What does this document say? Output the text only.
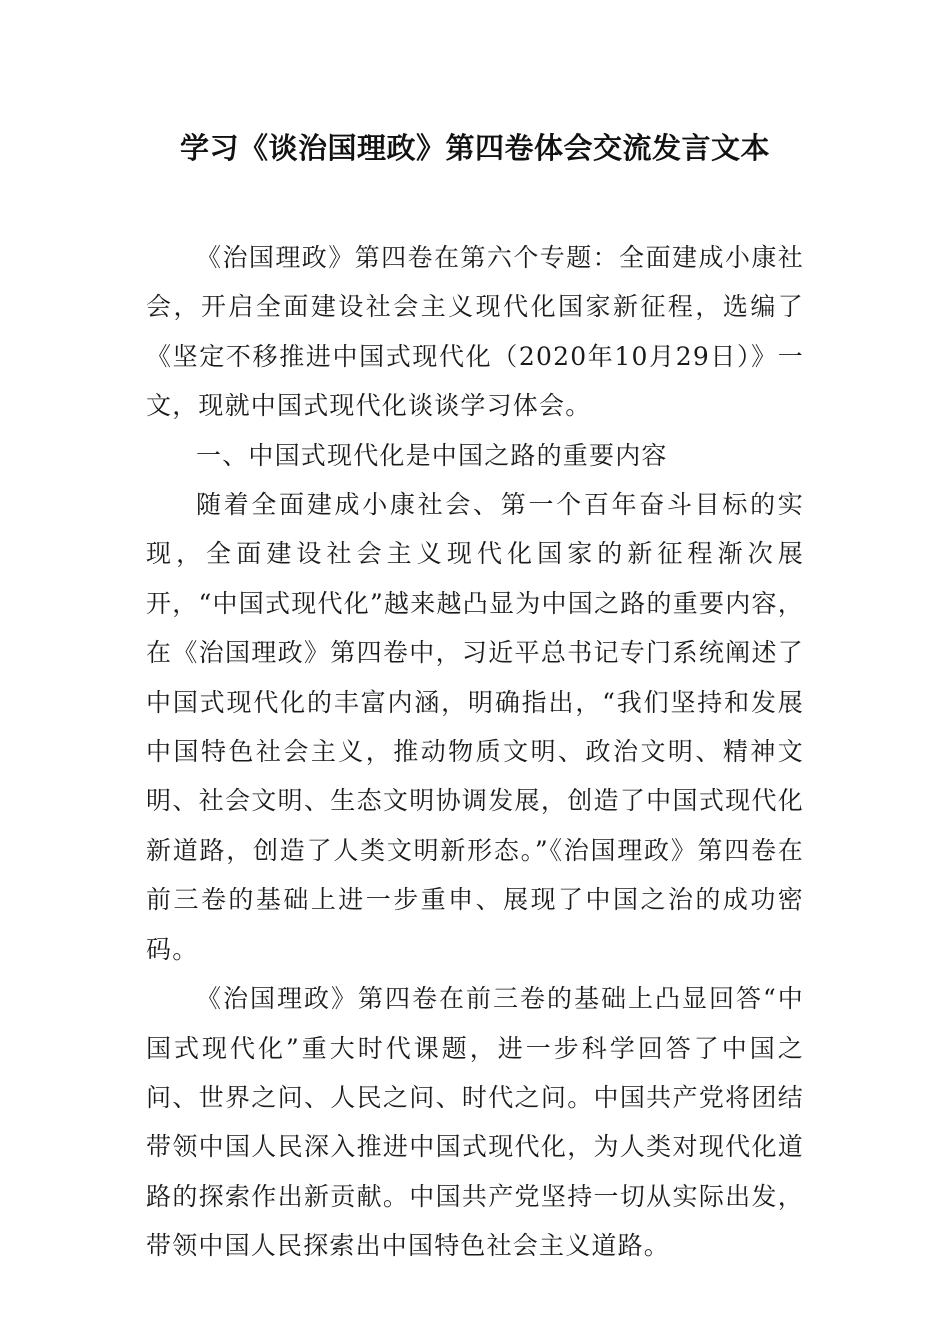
学习《谈治国理政》第四卷体会交流发言文本

《治国理政》第四卷在第六个专题：全面建成小康社会，开启全面建设社会主义现代化国家新征程，选编了《坚定不移推进中国式现代化（2020年10月29日）》一文，现就中国式现代化谈谈学习体会。

一、中国式现代化是中国之路的重要内容

随着全面建成小康社会、第一个百年奋斗目标的实现，全面建设社会主义现代化国家的新征程渐次展开，“中国式现代化”越来越凸显为中国之路的重要内容，在《治国理政》第四卷中，习近平总书记专门系统阐述了中国式现代化的丰富内涵，明确指出，“我们坚持和发展中国特色社会主义，推动物质文明、政治文明、精神文明、社会文明、生态文明协调发展，创造了中国式现代化新道路，创造了人类文明新形态。”《治国理政》第四卷在前三卷的基础上进一步重申、展现了中国之治的成功密码。

《治国理政》第四卷在前三卷的基础上凸显回答“中国式现代化”重大时代课题，进一步科学回答了中国之问、世界之问、人民之问、时代之问。中国共产党将团结带领中国人民深入推进中国式现代化，为人类对现代化道路的探索作出新贡献。中国共产党坚持一切从实际出发，带领中国人民探索出中国特色社会主义道路。
